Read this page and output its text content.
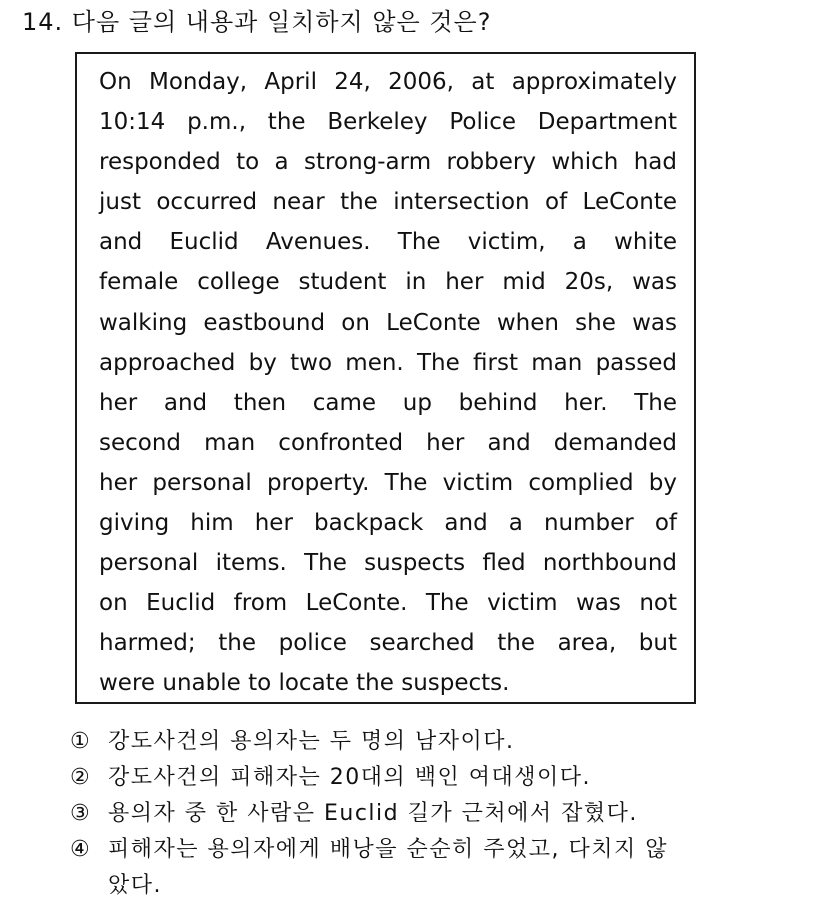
14. 다음 글의 내용과 일치하지 않은 것은?
On Monday, April 24, 2006, at approximately
10:14 p.m., the Berkeley Police Department
responded to a strong-arm robbery which had
just occurred near the intersection of LeConte
and Euclid Avenues. The victim, a white
female college student in her mid 20s, was
walking eastbound on LeConte when she was
approached by two men. The first man passed
her and then came up behind her. The
second man confronted her and demanded
her personal property. The victim complied by
giving him her backpack and a number of
personal items. The suspects fled northbound
on Euclid from LeConte. The victim was not
harmed; the police searched the area, but
were unable to locate the suspects.
① 강도사건의 용의자는 두 명의 남자이다.
② 강도사건의 피해자는 20대의 백인 여대생이다.
③ 용의자 중 한 사람은 Euclid 길가 근처에서 잡혔다.
④ 피해자는 용의자에게 배낭을 순순히 주었고, 다치지 않
았다.
